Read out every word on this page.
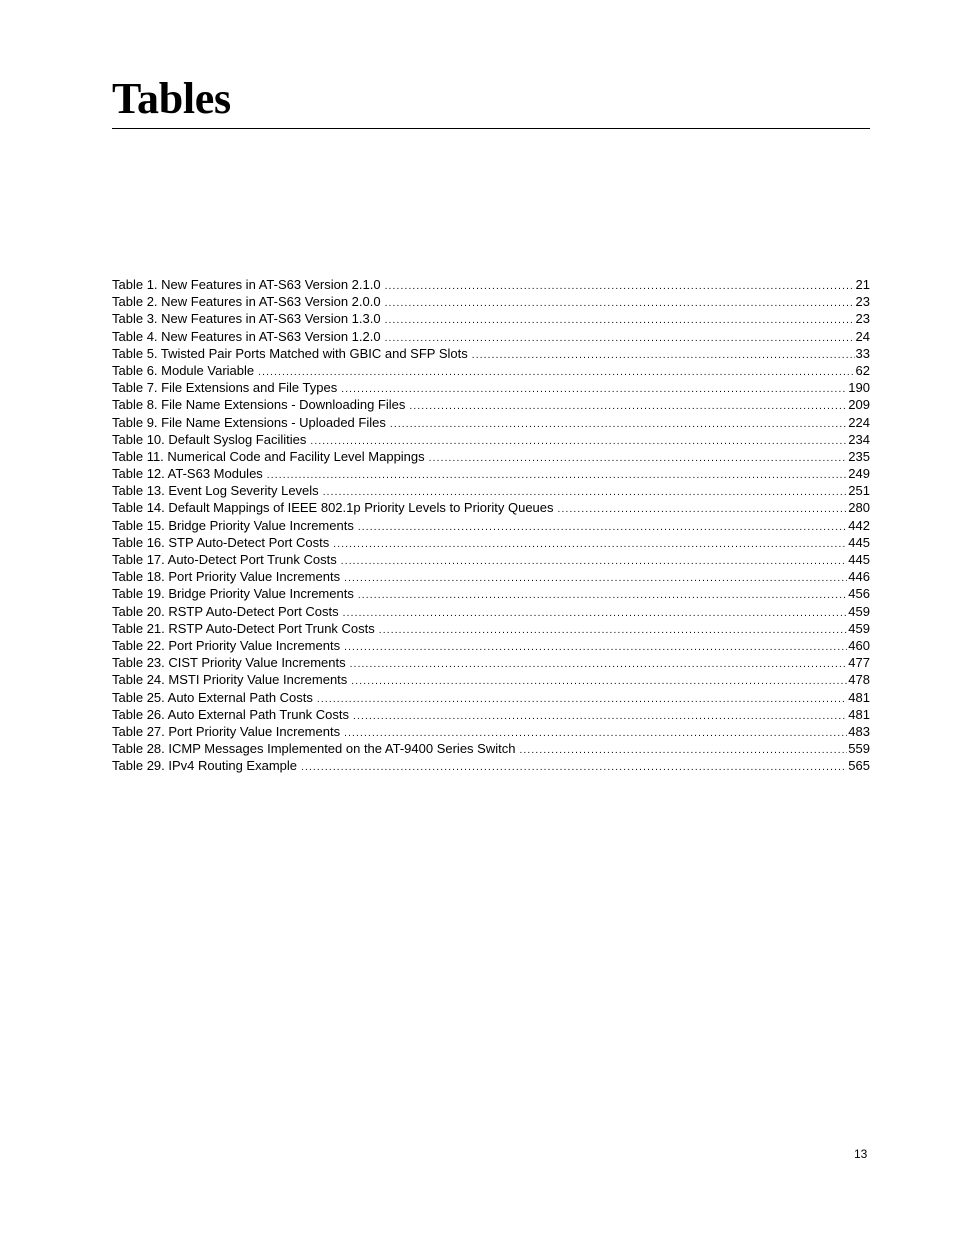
Tables
Table 1. New Features in AT-S63 Version 2.1.0 .....	21
Table 2. New Features in AT-S63 Version 2.0.0 .....	23
Table 3. New Features in AT-S63 Version 1.3.0 .....	23
Table 4. New Features in AT-S63 Version 1.2.0 .....	24
Table 5. Twisted Pair Ports Matched with GBIC and SFP Slots .....	33
Table 6. Module Variable .....	62
Table 7. File Extensions and File Types .....	190
Table 8. File Name Extensions - Downloading Files .....	209
Table 9. File Name Extensions - Uploaded Files .....	224
Table 10. Default Syslog Facilities .....	234
Table 11. Numerical Code and Facility Level Mappings .....	235
Table 12. AT-S63 Modules .....	249
Table 13. Event Log Severity Levels .....	251
Table 14. Default Mappings of IEEE 802.1p Priority Levels to Priority Queues .....	280
Table 15. Bridge Priority Value Increments .....	442
Table 16. STP Auto-Detect Port Costs .....	445
Table 17. Auto-Detect Port Trunk Costs .....	445
Table 18. Port Priority Value Increments .....	446
Table 19. Bridge Priority Value Increments .....	456
Table 20. RSTP Auto-Detect Port Costs .....	459
Table 21. RSTP Auto-Detect Port Trunk Costs .....	459
Table 22. Port Priority Value Increments .....	460
Table 23. CIST Priority Value Increments .....	477
Table 24. MSTI Priority Value Increments .....	478
Table 25. Auto External Path Costs .....	481
Table 26. Auto External Path Trunk Costs .....	481
Table 27. Port Priority Value Increments .....	483
Table 28. ICMP Messages Implemented on the AT-9400 Series Switch .....	559
Table 29. IPv4 Routing Example .....	565
13
